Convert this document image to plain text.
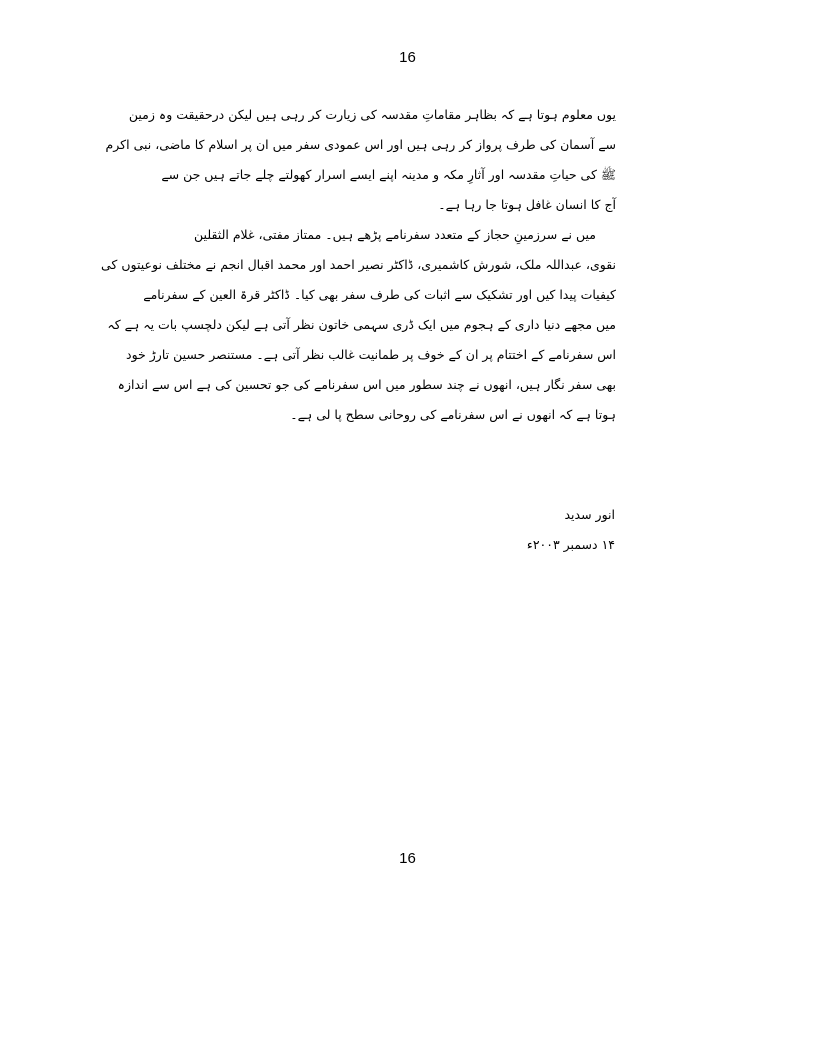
16
یوں معلوم ہوتا ہے کہ بظاہر مقاماتِ مقدسہ کی زیارت کر رہی ہیں لیکن درحقیقت وہ زمین
سے آسمان کی طرف پرواز کر رہی ہیں اور اس عمودی سفر میں ان پر اسلام کا ماضی، نبی اکرم
ﷺ کی حیاتِ مقدسہ اور آثارِ مکہ و مدینہ اپنے ایسے اسرار کھولتے چلے جاتے ہیں جن سے
آج کا انسان غافل ہوتا جا رہا ہے۔
میں نے سرزمینِ حجاز کے متعدد سفرنامے پڑھے ہیں۔ ممتاز مفتی، غلام الثقلین
نقوی، عبداللہ ملک، شورش کاشمیری، ڈاکٹر نصیر احمد اور محمد اقبال انجم نے مختلف نوعیتوں کی
کیفیات پیدا کیں اور تشکیک سے اثبات کی طرف سفر بھی کیا۔ ڈاکٹر قرۃ العین کے سفرنامے
میں مجھے دنیا داری کے ہجوم میں ایک ڈری سہمی خاتون نظر آتی ہے لیکن دلچسپ بات یہ ہے کہ
اس سفرنامے کے اختتام پر ان کے خوف پر طمانیت غالب نظر آتی ہے۔ مستنصر حسین تارڑ خود
بھی سفر نگار ہیں، انھوں نے چند سطور میں اس سفرنامے کی جو تحسین کی ہے اس سے اندازہ
ہوتا ہے کہ انھوں نے اس سفرنامے کی روحانی سطح پا لی ہے۔
انور سدید
۱۴ دسمبر ۲۰۰۳ء
16
